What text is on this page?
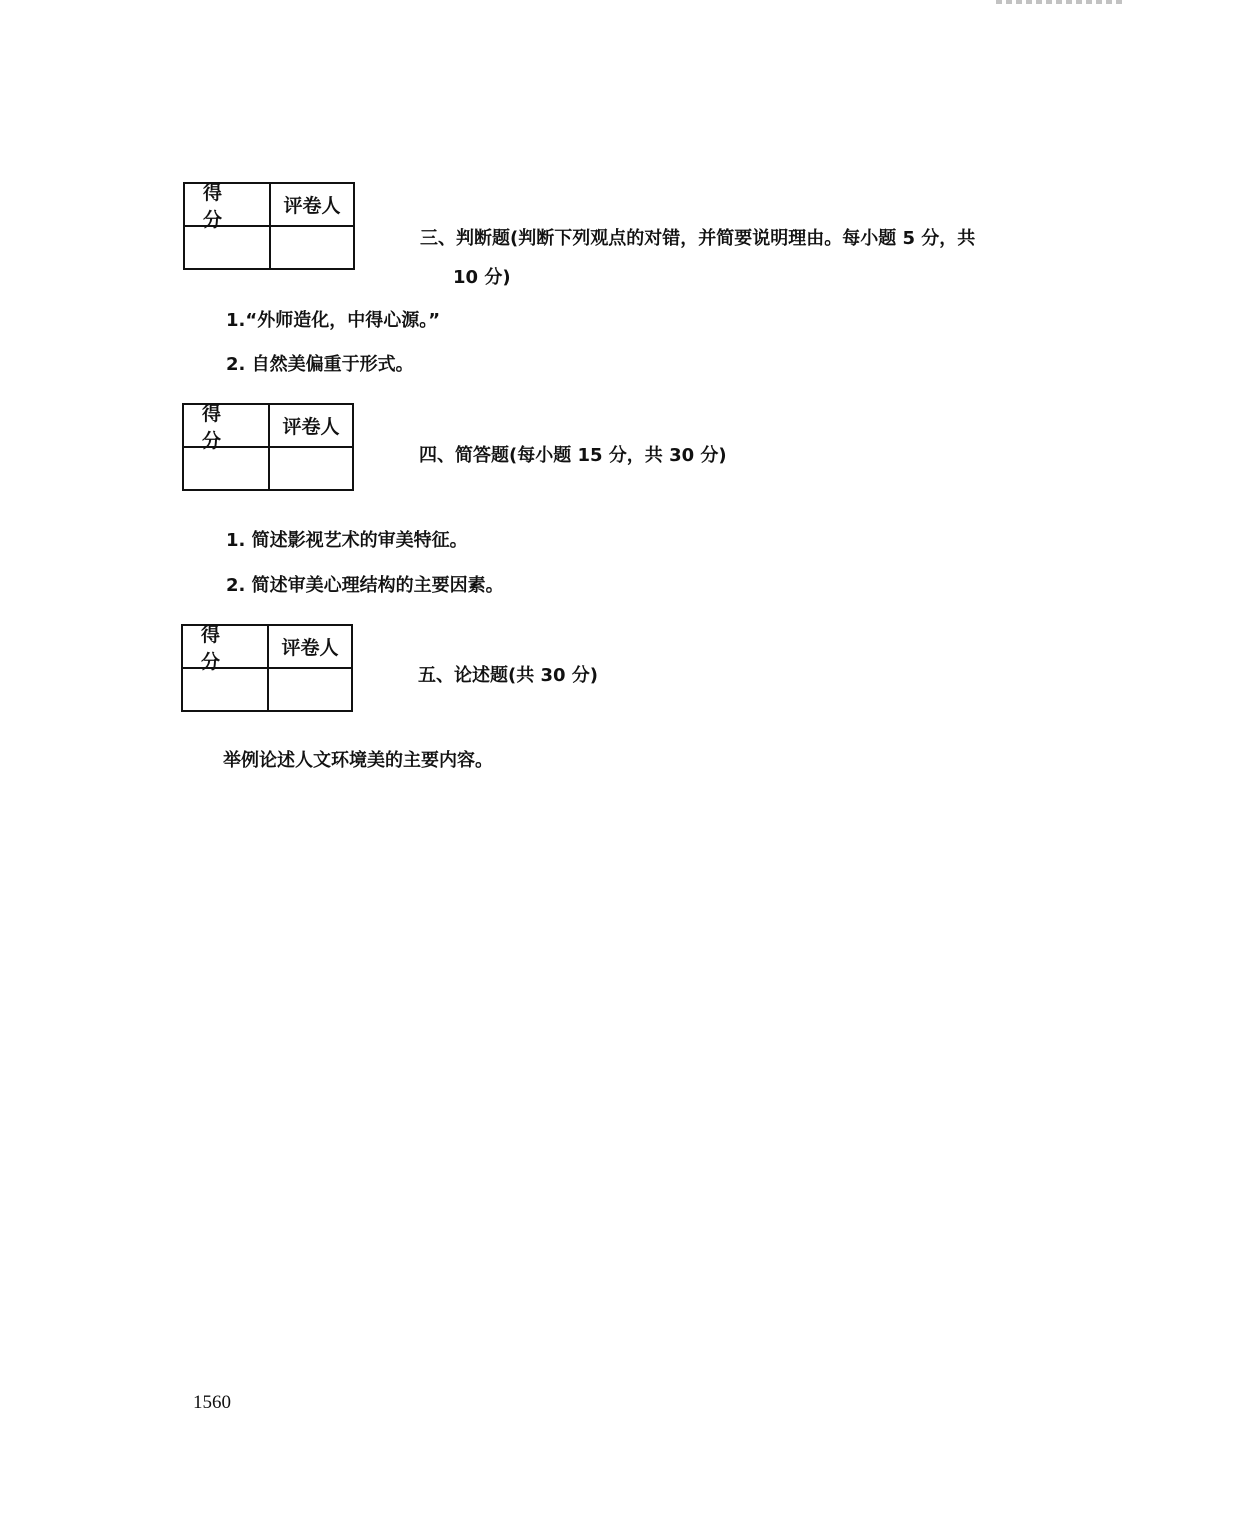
得分
评卷人
三、判断题(判断下列观点的对错，并简要说明理由。每小题 5 分，共
10 分)
1.“外师造化，中得心源。”
2. 自然美偏重于形式。
得分
评卷人
四、简答题(每小题 15 分，共 30 分)
1. 简述影视艺术的审美特征。
2. 简述审美心理结构的主要因素。
得分
评卷人
五、论述题(共 30 分)
举例论述人文环境美的主要内容。
1560
